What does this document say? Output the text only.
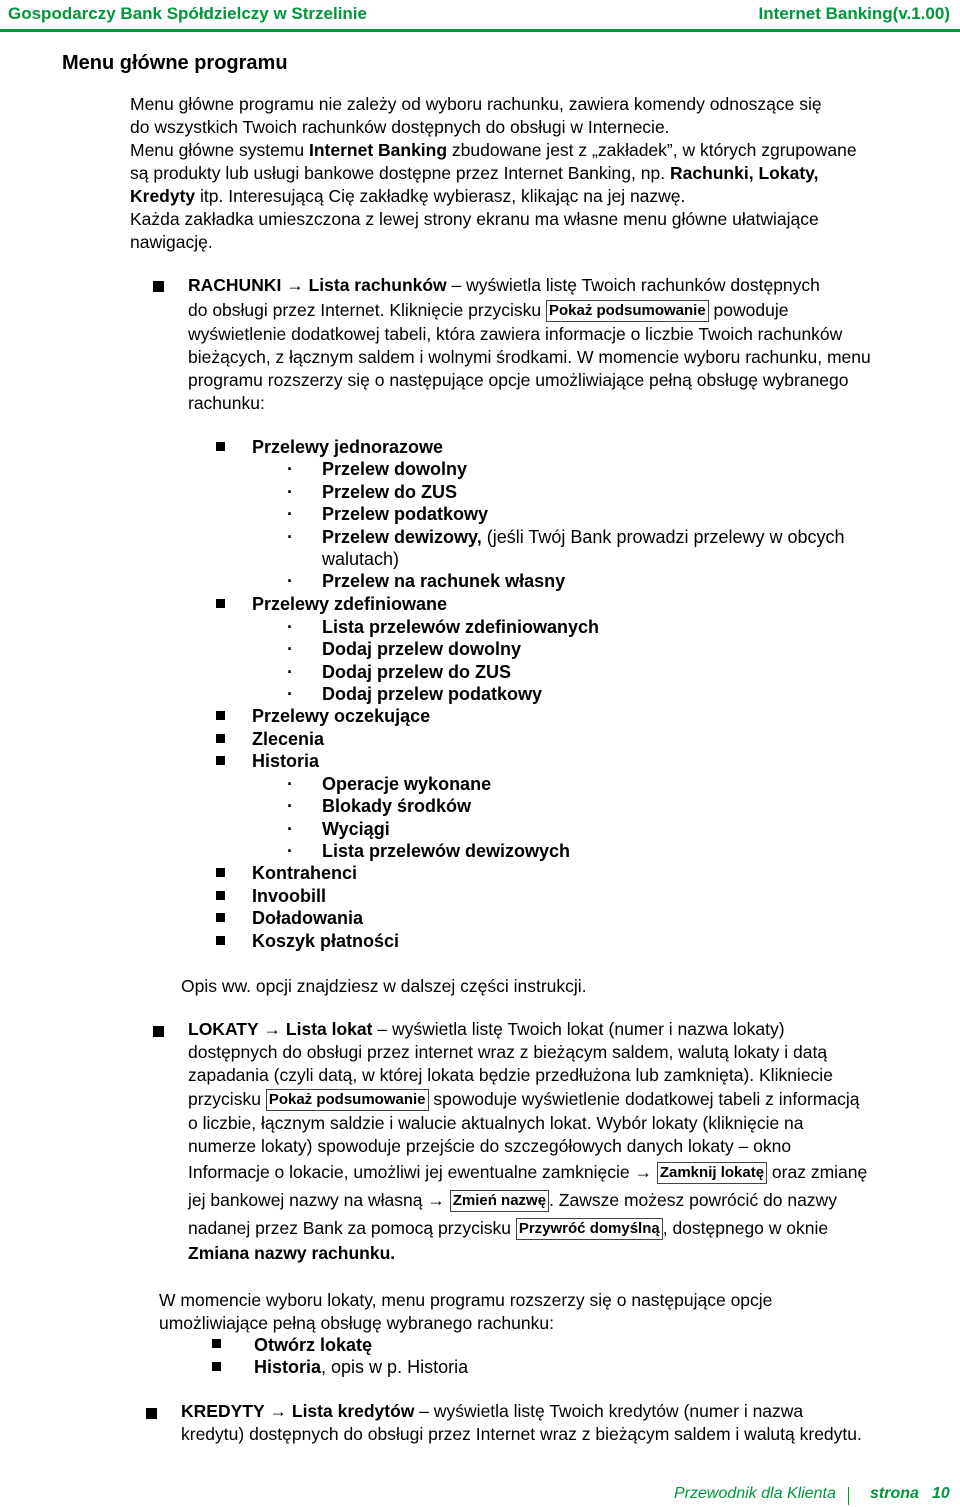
Gospodarczy Bank Spółdzielczy w Strzelinie	Internet Banking(v.1.00)
Menu główne programu

Menu główne programu nie zależy od wyboru rachunku, zawiera komendy odnoszące się

do wszystkich Twoich rachunków dostępnych do obsługi w Internecie.

Menu główne systemu Internet Banking zbudowane jest z „zakładek”, w których zgrupowane

są produkty lub usługi bankowe dostępne przez Internet Banking, np. Rachunki, Lokaty,

Kredyty itp. Interesującą Cię zakładkę wybierasz, klikając na jej nazwę.

Każda zakładka umieszczona z lewej strony ekranu ma własne menu główne ułatwiające

nawigację.

RACHUNKI → Lista rachunków – wyświetla listę Twoich rachunków dostępnych

do obsługi przez Internet. Kliknięcie przycisku Pokaż podsumowanie powoduje

wyświetlenie dodatkowej tabeli, która zawiera informacje o liczbie Twoich rachunków

bieżących, z łącznym saldem i wolnymi środkami. W momencie wyboru rachunku, menu

programu rozszerzy się o następujące opcje umożliwiające pełną obsługę wybranego

rachunku:

Przelewy jednorazowe
· Przelew dowolny
· Przelew do ZUS
· Przelew podatkowy
· Przelew dewizowy, (jeśli Twój Bank prowadzi przelewy w obcych
walutach)
· Przelew na rachunek własny
Przelewy zdefiniowane
· Lista przelewów zdefiniowanych
· Dodaj przelew dowolny
· Dodaj przelew do ZUS
· Dodaj przelew podatkowy
Przelewy oczekujące
Zlecenia
Historia
· Operacje wykonane
· Blokady środków
· Wyciągi
· Lista przelewów dewizowych
Kontrahenci
Invoobill
Doładowania
Koszyk płatności
Opis ww. opcji znajdziesz w dalszej części instrukcji.

LOKATY → Lista lokat – wyświetla listę Twoich lokat (numer i nazwa lokaty)

dostępnych do obsługi przez internet wraz z bieżącym saldem, walutą lokaty i datą

zapadania (czyli datą, w której lokata będzie przedłużona lub zamknięta). Klikniecie

przycisku Pokaż podsumowanie spowoduje wyświetlenie dodatkowej tabeli z informacją

o liczbie, łącznym saldzie i walucie aktualnych lokat. Wybór lokaty (kliknięcie na

numerze lokaty) spowoduje przejście do szczegółowych danych lokaty – okno

Informacje o lokacie, umożliwi jej ewentualne zamknięcie → Zamknij lokatę oraz zmianę

jej bankowej nazwy na własną → Zmień nazwę . Zawsze możesz powrócić do nazwy

nadanej przez Bank za pomocą przycisku Przywróć domyślną , dostępnego w oknie

Zmiana nazwy rachunku.

W momencie wyboru lokaty, menu programu rozszerzy się o następujące opcje

umożliwiające pełną obsługę wybranego rachunku:

Otwórz lokatę
Historia, opis w p. Historia

KREDYTY → Lista kredytów – wyświetla listę Twoich kredytów (numer i nazwa

kredytu) dostępnych do obsługi przez Internet wraz z bieżącym saldem i walutą kredytu.

Przewodnik dla Klienta strona 10
